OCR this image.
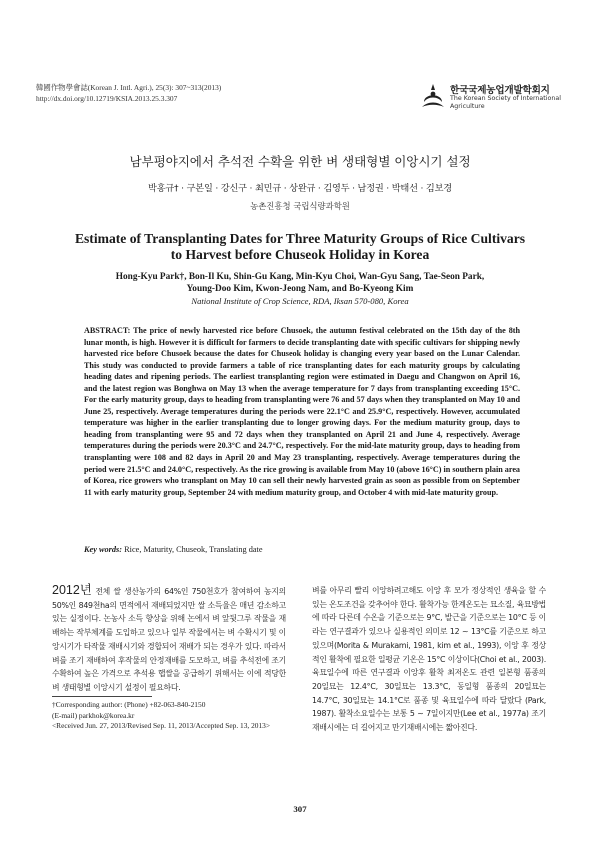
韓國作物學會誌(Korean J. Intl. Agri.), 25(3): 307~313(2013)
http://dx.doi.org/10.12719/KSIA.2013.25.3.307
한국국제농업개발학회지
The Korean Society of International
Agriculture
남부평야지에서 추석전 수확을 위한 벼 생태형별 이앙시기 설정
박홍규† · 구본일 · 강신구 · 최민규 · 상완규 · 김영두 · 남정권 · 박태선 · 김보경
농촌진흥청 국립식량과학원
Estimate of Transplanting Dates for Three Maturity Groups of Rice Cultivars
to Harvest before Chuseok Holiday in Korea
Hong-Kyu Park†, Bon-Il Ku, Shin-Gu Kang, Min-Kyu Choi, Wan-Gyu Sang, Tae-Seon Park,
Young-Doo Kim, Kwon-Jeong Nam, and Bo-Kyeong Kim
National Institute of Crop Science, RDA, Iksan 570-080, Korea

ABSTRACT: The price of newly harvested rice before Chusoek, the autumn festival celebrated on the 15th day of the 8th lunar month, is high. However it is difficult for farmers to decide transplanting date with specific cultivars for shipping newly harvested rice before Chusoek because the dates for Chuseok holiday is changing every year based on the Lunar Calendar. This study was conducted to provide farmers a table of rice transplanting dates for each maturity groups by calculating heading dates and ripening periods. The earliest transplanting region were estimated in Daegu and Changwon on April 16, and the latest region was Bonghwa on May 13 when the average temperature for 7 days from transplanting exceeding 15°C. For the early maturity group, days to heading from transplanting were 76 and 57 days when they transplanted on May 10 and June 25, respectively. Average temperatures during the periods were 22.1°C and 25.9°C, respectively. However, accumulated temperature was higher in the earlier transplanting due to longer growing days. For the medium maturity group, days to heading from transplanting were 95 and 72 days when they transplanted on April 21 and June 4, respectively. Average temperatures during the periods were 20.3°C and 24.7°C, respectively. For the mid-late maturity group, days to heading from transplanting were 108 and 82 days in April 20 and May 23 transplanting, respectively. Average temperatures during the period were 21.5°C and 24.0°C, respectively. As the rice growing is available from May 10 (above 16°C) in southern plain area of Korea, rice growers who transplant on May 10 can sell their newly harvested grain as soon as possible from on September 11 with early maturity group, September 24 with medium maturity group, and October 4 with mid-late maturity group.

Key words: Rice, Maturity, Chuseok, Translating date

2012년 전체 쌀 생산농가의 64%인 750천호가 참여하여 농지의 50%인 849천ha의 면적에서 재배되었지만 쌀 소득율은 매년 감소하고 있는 실정이다. 논농사 소득 향상을 위해 논에서 벼 앞뒷그루 작물을 재배하는 작부체계를 도입하고 있으나 일부 작물에서는 벼 수확시기 및 이앙시기가 타작물 재배시기와 경합되어 재배가 되는 경우가 있다. 따라서 벼를 조기 재배하여 후작물의 안정재배를 도모하고, 벼를 추석전에 조기 수확하여 높은 가격으로 추석용 햅쌀을 공급하기 위해서는 이에 적당한 벼 생태형별 이앙시기 설정이 필요하다.

벼를 아무리 빨리 이앙하려고해도 이앙 후 모가 정상적인 생육을 할 수 있는 온도조건을 갖추어야 한다. 활착가능 한계온도는 묘소질, 육묘방법에 따라 다른데 수온을 기준으로는 9°C, 발근을 기준으로는 10°C 등 이라는 연구결과가 있으나 실용적인 의미로 12 ~ 13°C를 기준으로 하고 있으며(Morita & Murakami, 1981, kim et al., 1993), 이앙 후 정상적인 활착에 필요한 일평균 기온은 15°C 이상이다(Choi et al., 2003). 육묘일수에 따른 연구결과 이앙후 활착 최저온도 관련 일본형 품종의 20일묘는 12.4°C, 30일묘는 13.3°C, 동일형 품종의 20일묘는 14.7°C, 30일묘는 14.1°C로 품종 및 육묘일수에 따라 달랐다 (Park, 1987). 활착소요일수는 보통 5 ~ 7일이지만(Lee et al., 1977a) 조기재배시에는 더 길어지고 만기재배시에는 짧아진다.

†Corresponding author: (Phone) +82-063-840-2150
(E-mail) parkhok@korea.kr
<Received Jun. 27, 2013/Revised Sep. 11, 2013/Accepted Sep. 13, 2013>
307
